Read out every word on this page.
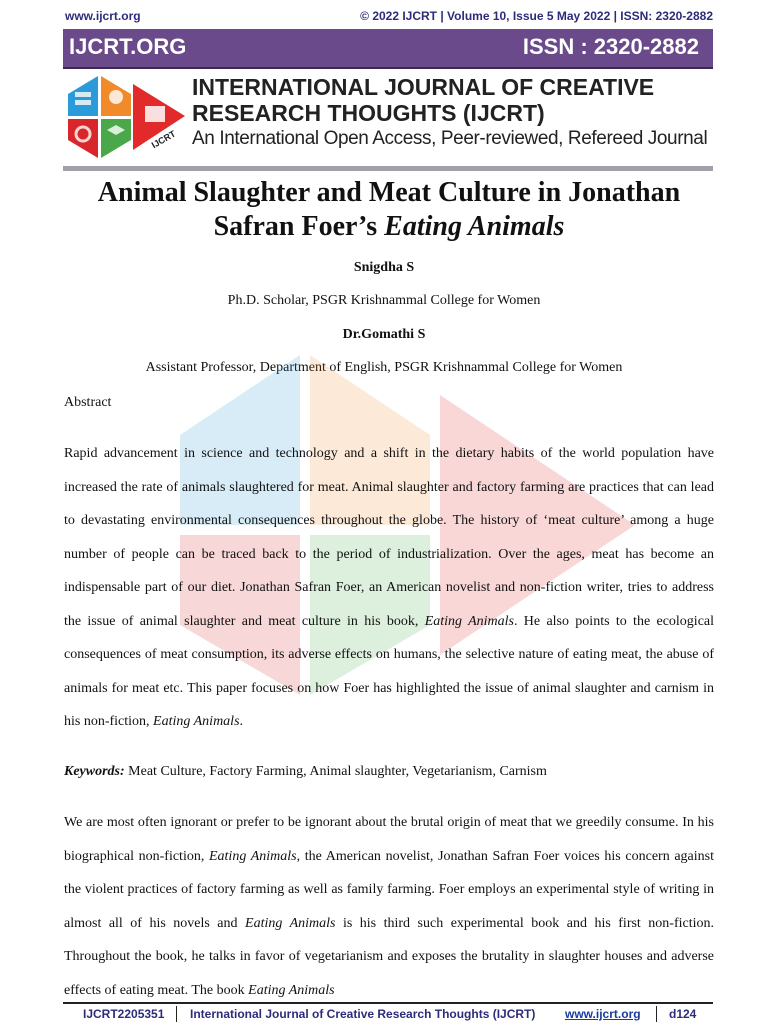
www.ijcrt.org	© 2022 IJCRT | Volume 10, Issue 5 May 2022 | ISSN: 2320-2882
IJCRT.ORG	ISSN : 2320-2882
IJCRT
INTERNATIONAL JOURNAL OF CREATIVE
RESEARCH THOUGHTS (IJCRT)
An International Open Access, Peer-reviewed, Refereed Journal
Animal Slaughter and Meat Culture in Jonathan
Safran Foer’s Eating Animals
Snigdha S
Ph.D. Scholar, PSGR Krishnammal College for Women
Dr.Gomathi S
Assistant Professor, Department of English, PSGR Krishnammal College for Women
Abstract

Rapid advancement in science and technology and a shift in the dietary habits of the world population have increased the rate of animals slaughtered for meat. Animal slaughter and factory farming are practices that can lead to devastating environmental consequences throughout the globe. The history of ‘meat culture’ among a huge number of people can be traced back to the period of industrialization. Over the ages, meat has become an indispensable part of our diet. Jonathan Safran Foer, an American novelist and non-fiction writer, tries to address the issue of animal slaughter and meat culture in his book, Eating Animals. He also points to the ecological consequences of meat consumption, its adverse effects on humans, the selective nature of eating meat, the abuse of animals for meat etc. This paper focuses on how Foer has highlighted the issue of animal slaughter and carnism in his non-fiction, Eating Animals.

Keywords: Meat Culture, Factory Farming, Animal slaughter, Vegetarianism, Carnism

We are most often ignorant or prefer to be ignorant about the brutal origin of meat that we greedily consume. In his biographical non-fiction, Eating Animals, the American novelist, Jonathan Safran Foer voices his concern against the violent practices of factory farming as well as family farming. Foer employs an experimental style of writing in almost all of his novels and Eating Animals is his third such experimental book and his first non-fiction. Throughout the book, he talks in favor of vegetarianism and exposes the brutality in slaughter houses and adverse effects of eating meat. The book Eating Animals

IJCRT2205351 International Journal of Creative Research Thoughts (IJCRT) www.ijcrt.org d124
